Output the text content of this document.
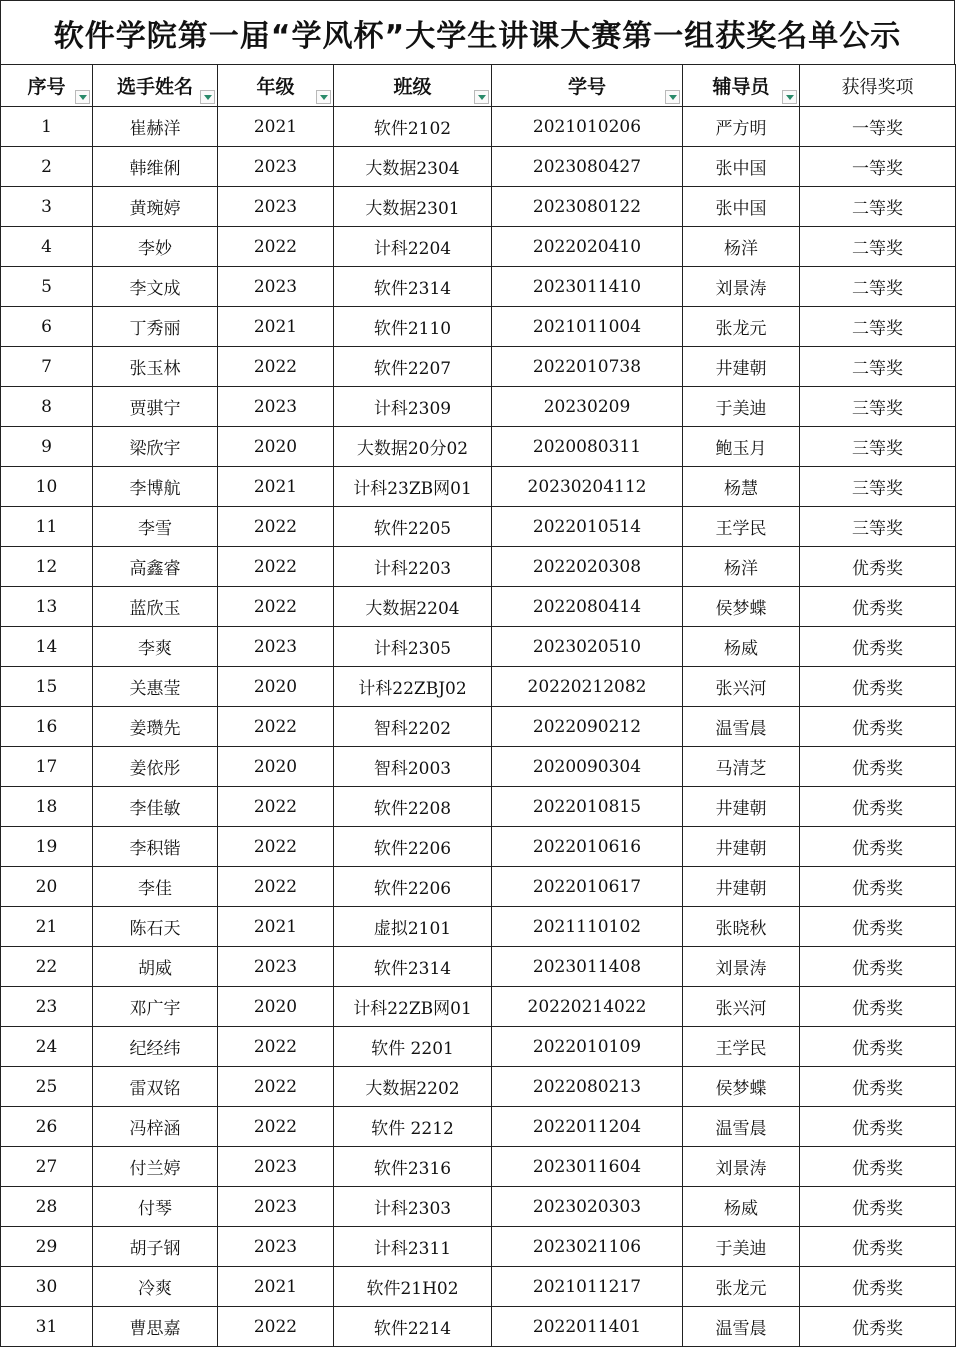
软件学院第一届“学风杯”大学生讲课大赛第一组获奖名单公示
序号	选手姓名	年级	班级	学号	辅导员	获得奖项
1	崔赫洋	2021	软件2102	2021010206	严方明	一等奖
2	韩维俐	2023	大数据2304	2023080427	张中国	一等奖
3	黄琬婷	2023	大数据2301	2023080122	张中国	二等奖
4	李妙	2022	计科2204	2022020410	杨洋	二等奖
5	李文成	2023	软件2314	2023011410	刘景涛	二等奖
6	丁秀丽	2021	软件2110	2021011004	张龙元	二等奖
7	张玉林	2022	软件2207	2022010738	井建朝	二等奖
8	贾骐宁	2023	计科2309	20230209	于美迪	三等奖
9	梁欣宇	2020	大数据20分02	2020080311	鲍玉月	三等奖
10	李博航	2021	计科23ZB网01	20230204112	杨慧	三等奖
11	李雪	2022	软件2205	2022010514	王学民	三等奖
12	高鑫睿	2022	计科2203	2022020308	杨洋	优秀奖
13	蓝欣玉	2022	大数据2204	2022080414	侯梦蝶	优秀奖
14	李爽	2023	计科2305	2023020510	杨威	优秀奖
15	关惠莹	2020	计科22ZBJ02	20220212082	张兴河	优秀奖
16	姜瓒先	2022	智科2202	2022090212	温雪晨	优秀奖
17	姜依彤	2020	智科2003	2020090304	马清芝	优秀奖
18	李佳敏	2022	软件2208	2022010815	井建朝	优秀奖
19	李积锴	2022	软件2206	2022010616	井建朝	优秀奖
20	李佳	2022	软件2206	2022010617	井建朝	优秀奖
21	陈石天	2021	虚拟2101	2021110102	张晓秋	优秀奖
22	胡威	2023	软件2314	2023011408	刘景涛	优秀奖
23	邓广宇	2020	计科22ZB网01	20220214022	张兴河	优秀奖
24	纪经纬	2022	软件 2201	2022010109	王学民	优秀奖
25	雷双铭	2022	大数据2202	2022080213	侯梦蝶	优秀奖
26	冯梓涵	2022	软件 2212	2022011204	温雪晨	优秀奖
27	付兰婷	2023	软件2316	2023011604	刘景涛	优秀奖
28	付琴	2023	计科2303	2023020303	杨威	优秀奖
29	胡子钢	2023	计科2311	2023021106	于美迪	优秀奖
30	冷爽	2021	软件21H02	2021011217	张龙元	优秀奖
31	曹思嘉	2022	软件2214	2022011401	温雪晨	优秀奖
